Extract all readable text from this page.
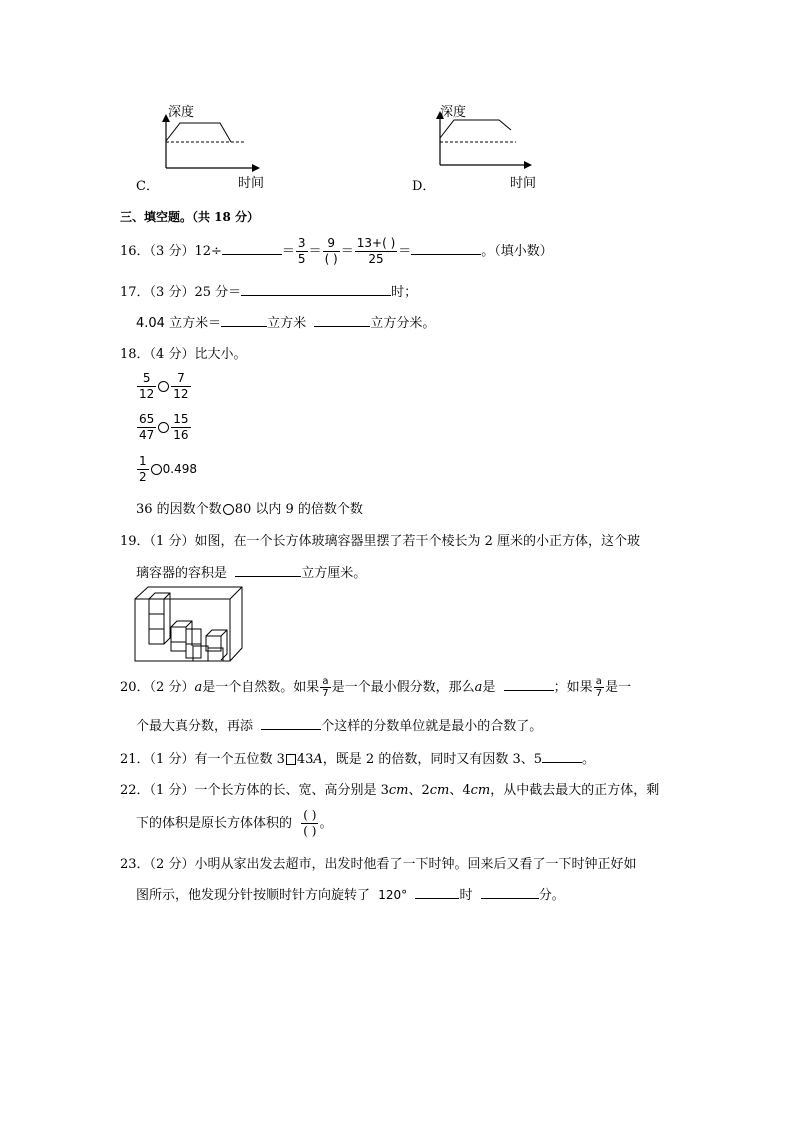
深度
时间
C．
深度
时间
D．
三、填空题。（共 18 分）
16．（3 分）12÷	＝ $\frac{3}{5} = \frac{9}{( )} = \frac{13+( )}{25}$ ＝	。（填小数）
17．（3 分）25 分＝	时；
4.04 立方米＝	立方米	立方分米。
18．（4 分）比大小。
$\frac{5}{12} \frac{7}{12}$
$\frac{65}{47} \frac{15}{16}$
$\frac{1}{2} 0.498$
36 的因数个数 80 以内 9 的倍数个数
19．（1 分）如图，在一个长方体玻璃容器里摆了若干个棱长为 2 厘米的小正方体，这个玻
璃容器的容积是	立方厘米。
20．（2 分）a是一个自然数。如果 $\frac{a}{7}$ 是一个最小假分数，那么a是	；如果 $\frac{a}{7}$ 是一
个最大真分数，再添	个这样的分数单位就是最小的合数了。
21．（1 分）有一个五位数 3 43A，既是 2 的倍数，同时又有因数 3、5	。
22．（1 分）一个长方体的长、宽、高分别是 3cm、2cm、4cm，从中截去最大的正方体，剩
下的体积是原长方体体积的 $\frac{( )}{( )}$ 。
23．（2 分）小明从家出发去超市，出发时他看了一下时钟。回来后又看了一下时钟正好如
图所示，他发现分针按顺时针方向旋转了 120°	时	分。
